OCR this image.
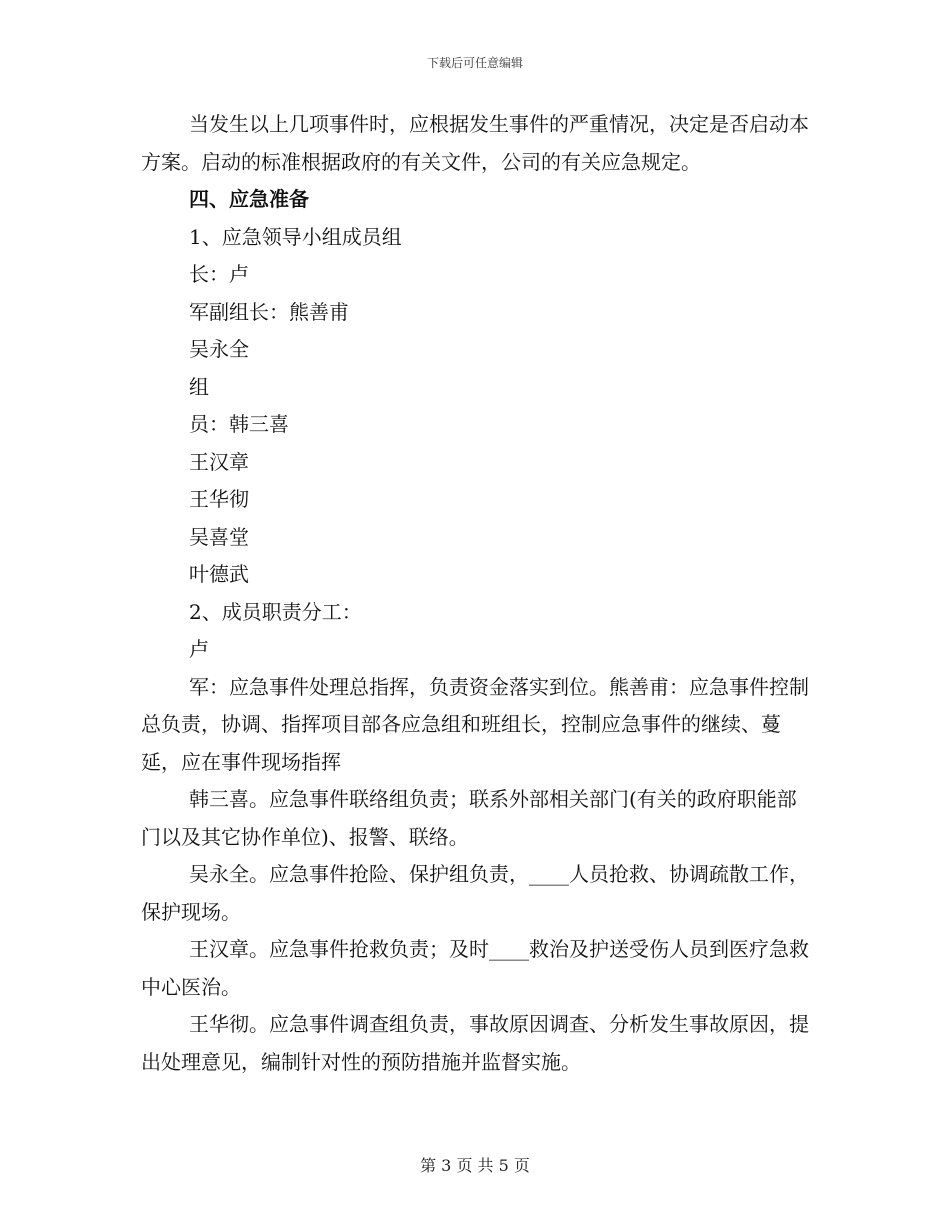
下载后可任意编辑

当发生以上几项事件时，应根据发生事件的严重情况，决定是否启动本方案。启动的标准根据政府的有关文件，公司的有关应急规定。

四、应急准备

1、应急领导小组成员组

长：卢

军副组长：熊善甫

吴永全

组

员：韩三喜

王汉章

王华彻

吴喜堂

叶德武

2、成员职责分工：

卢

军：应急事件处理总指挥，负责资金落实到位。熊善甫：应急事件控制总负责，协调、指挥项目部各应急组和班组长，控制应急事件的继续、蔓延，应在事件现场指挥

韩三喜。应急事件联络组负责；联系外部相关部门(有关的政府职能部门以及其它协作单位)、报警、联络。

吴永全。应急事件抢险、保护组负责，____人员抢救、协调疏散工作，保护现场。

王汉章。应急事件抢救负责；及时____救治及护送受伤人员到医疗急救中心医治。

王华彻。应急事件调查组负责，事故原因调查、分析发生事故原因，提出处理意见，编制针对性的预防措施并监督实施。

第 3 页 共 5 页
